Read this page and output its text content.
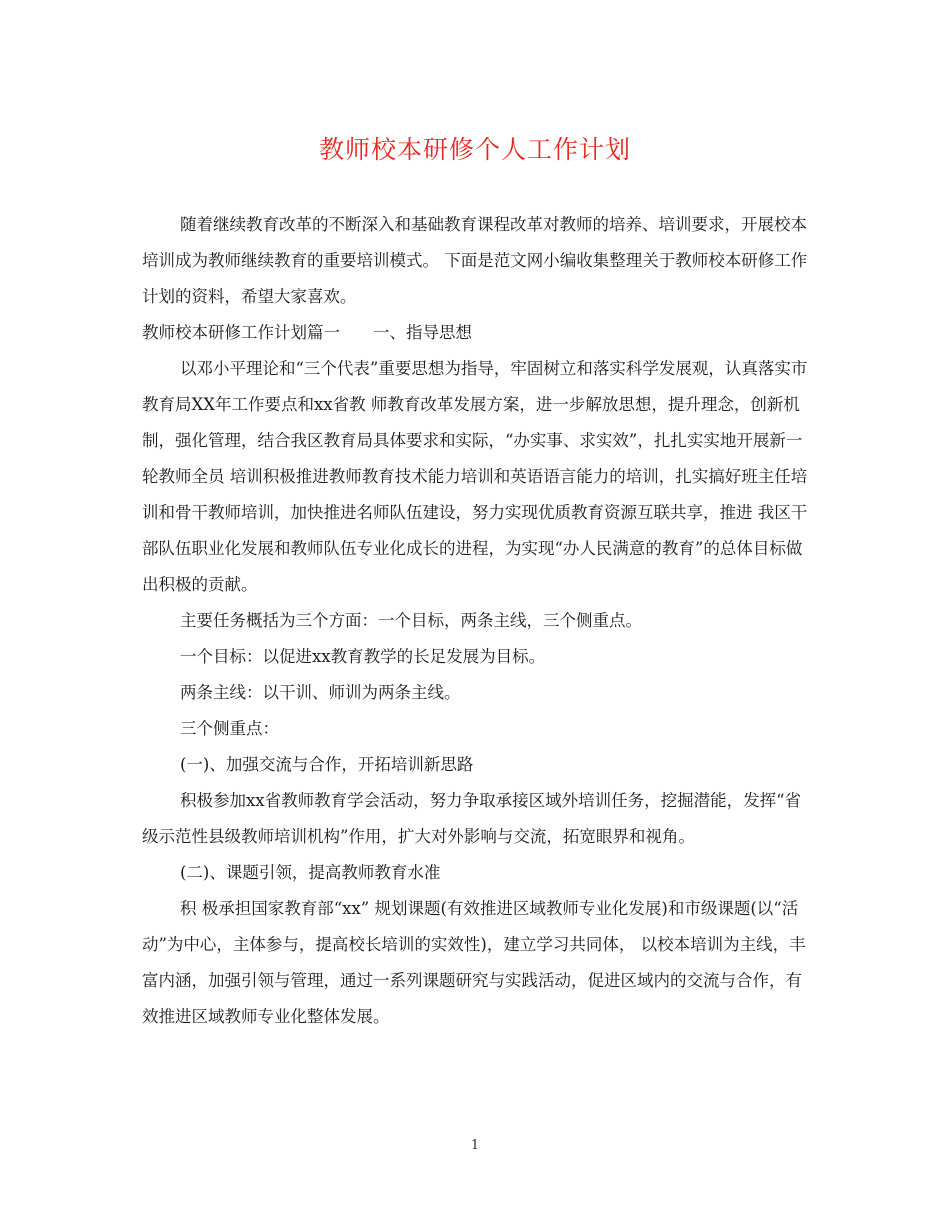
教师校本研修个人工作计划

随着继续教育改革的不断深入和基础教育课程改革对教师的培养、培训要求，开展校本培训成为教师继续教育的重要培训模式。 下面是范文网小编收集整理关于教师校本研修工作计划的资料，希望大家喜欢。

教师校本研修工作计划篇一　　一、指导思想

以邓小平理论和“三个代表”重要思想为指导，牢固树立和落实科学发展观，认真落实市教育局XX年工作要点和xx省教 师教育改革发展方案，进一步解放思想，提升理念，创新机制，强化管理，结合我区教育局具体要求和实际，“办实事、求实效”，扎扎实实地开展新一轮教师全员 培训积极推进教师教育技术能力培训和英语语言能力的培训，扎实搞好班主任培训和骨干教师培训，加快推进名师队伍建设，努力实现优质教育资源互联共享，推进 我区干部队伍职业化发展和教师队伍专业化成长的进程，为实现“办人民满意的教育”的总体目标做出积极的贡献。

主要任务概括为三个方面：一个目标，两条主线，三个侧重点。

一个目标：以促进xx教育教学的长足发展为目标。

两条主线：以干训、师训为两条主线。

三个侧重点：

(一)、加强交流与合作，开拓培训新思路

积极参加xx省教师教育学会活动，努力争取承接区域外培训任务，挖掘潜能，发挥“省级示范性县级教师培训机构”作用，扩大对外影响与交流，拓宽眼界和视角。

(二)、课题引领，提高教师教育水准

积 极承担国家教育部“xx” 规划课题(有效推进区域教师专业化发展)和市级课题(以“活动”为中心，主体参与，提高校长培训的实效性)，建立学习共同体， 以校本培训为主线，丰富内涵，加强引领与管理，通过一系列课题研究与实践活动，促进区域内的交流与合作，有效推进区域教师专业化整体发展。

1
